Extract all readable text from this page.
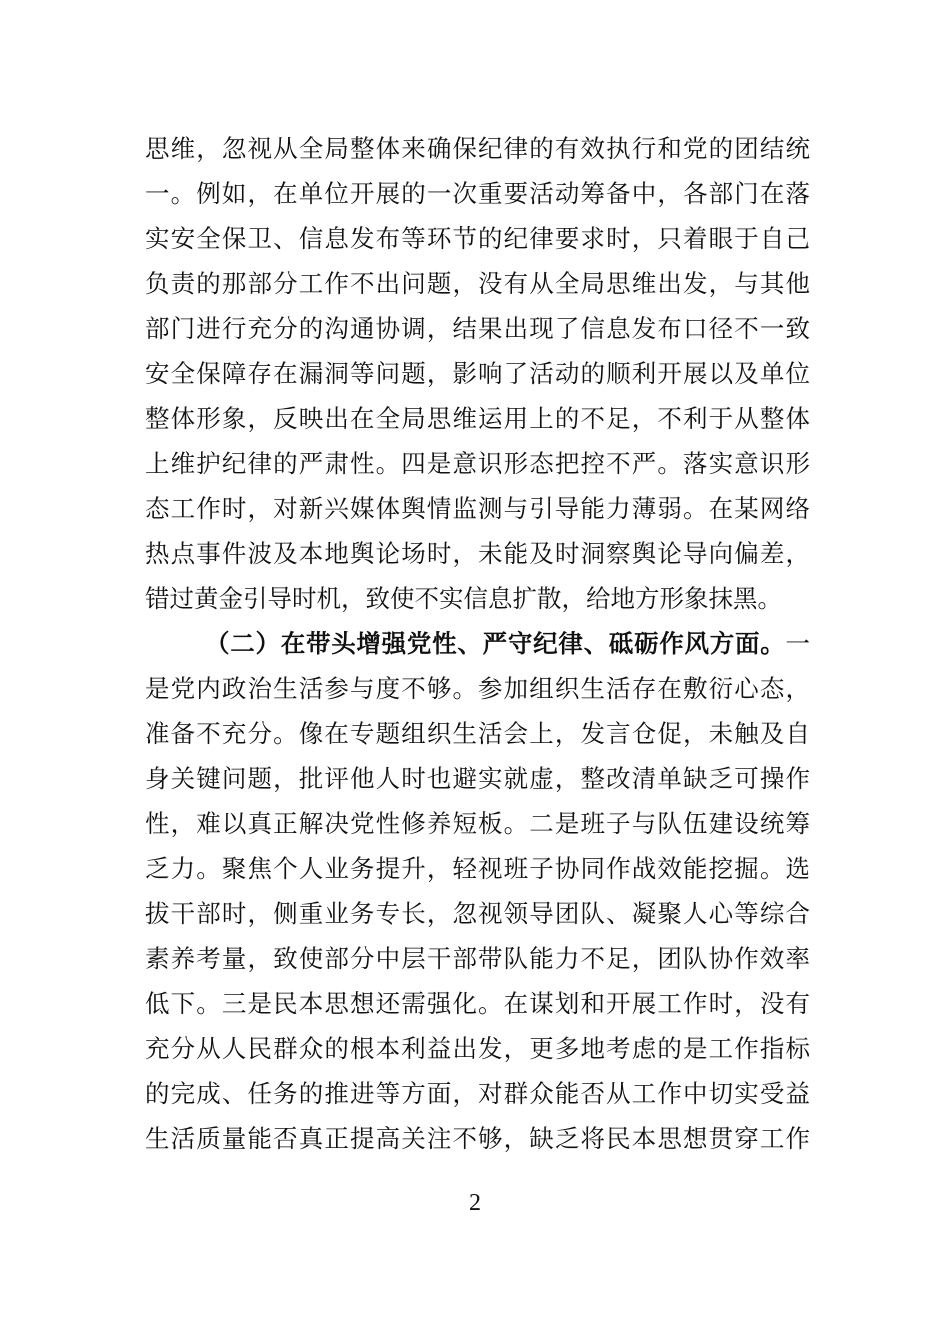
思维，忽视从全局整体来确保纪律的有效执行和党的团结统
一。例如，在单位开展的一次重要活动筹备中，各部门在落
实安全保卫、信息发布等环节的纪律要求时，只着眼于自己
负责的那部分工作不出问题，没有从全局思维出发，与其他
部门进行充分的沟通协调，结果出现了信息发布口径不一致
安全保障存在漏洞等问题，影响了活动的顺利开展以及单位
整体形象，反映出在全局思维运用上的不足，不利于从整体
上维护纪律的严肃性。四是意识形态把控不严。落实意识形
态工作时，对新兴媒体舆情监测与引导能力薄弱。在某网络
热点事件波及本地舆论场时，未能及时洞察舆论导向偏差，
错过黄金引导时机，致使不实信息扩散，给地方形象抹黑。
（二）在带头增强党性、严守纪律、砥砺作风方面。一
是党内政治生活参与度不够。参加组织生活存在敷衍心态，
准备不充分。像在专题组织生活会上，发言仓促，未触及自
身关键问题，批评他人时也避实就虚，整改清单缺乏可操作
性，难以真正解决党性修养短板。二是班子与队伍建设统筹
乏力。聚焦个人业务提升，轻视班子协同作战效能挖掘。选
拔干部时，侧重业务专长，忽视领导团队、凝聚人心等综合
素养考量，致使部分中层干部带队能力不足，团队协作效率
低下。三是民本思想还需强化。在谋划和开展工作时，没有
充分从人民群众的根本利益出发，更多地考虑的是工作指标
的完成、任务的推进等方面，对群众能否从工作中切实受益
生活质量能否真正提高关注不够，缺乏将民本思想贯穿工作
2
